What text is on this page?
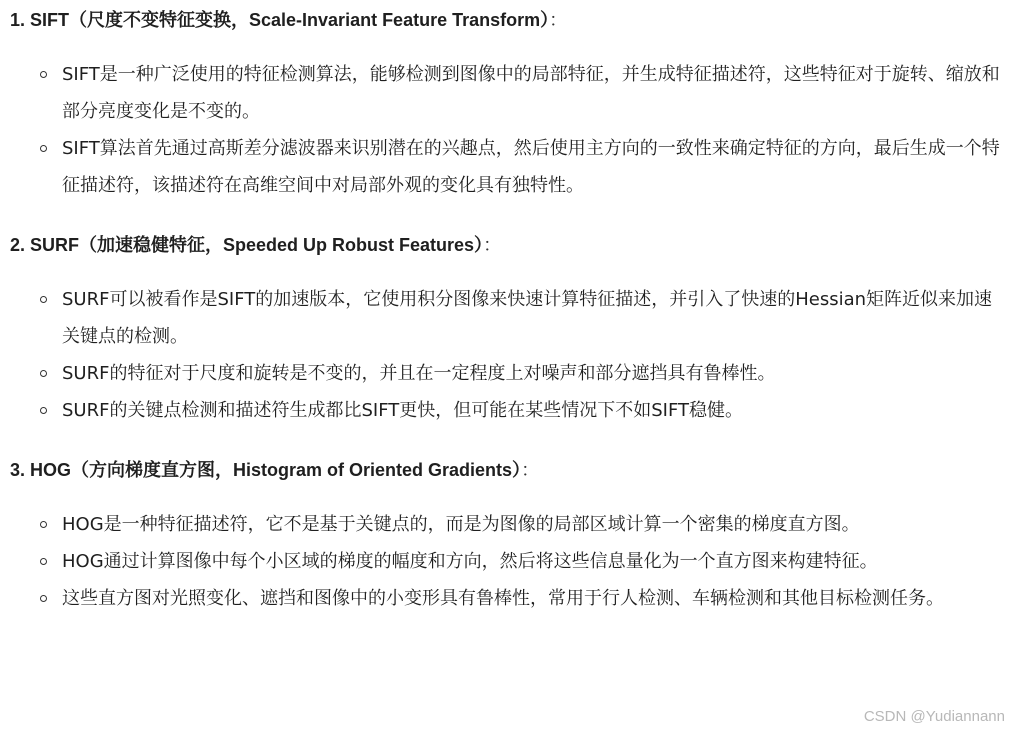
1. SIFT（尺度不变特征变换，Scale-Invariant Feature Transform）：

SIFT是一种广泛使用的特征检测算法，能够检测到图像中的局部特征，并生成特征描述符，这些特征对于旋转、缩放和部分亮度变化是不变的。
SIFT算法首先通过高斯差分滤波器来识别潜在的兴趣点，然后使用主方向的一致性来确定特征的方向，最后生成一个特征描述符，该描述符在高维空间中对局部外观的变化具有独特性。

2. SURF（加速稳健特征，Speeded Up Robust Features）：

SURF可以被看作是SIFT的加速版本，它使用积分图像来快速计算特征描述，并引入了快速的Hessian矩阵近似来加速关键点的检测。
SURF的特征对于尺度和旋转是不变的，并且在一定程度上对噪声和部分遮挡具有鲁棒性。
SURF的关键点检测和描述符生成都比SIFT更快，但可能在某些情况下不如SIFT稳健。

3. HOG（方向梯度直方图，Histogram of Oriented Gradients）：

HOG是一种特征描述符，它不是基于关键点的，而是为图像的局部区域计算一个密集的梯度直方图。
HOG通过计算图像中每个小区域的梯度的幅度和方向，然后将这些信息量化为一个直方图来构建特征。
这些直方图对光照变化、遮挡和图像中的小变形具有鲁棒性，常用于行人检测、车辆检测和其他目标检测任务。
CSDN @Yudiannann
